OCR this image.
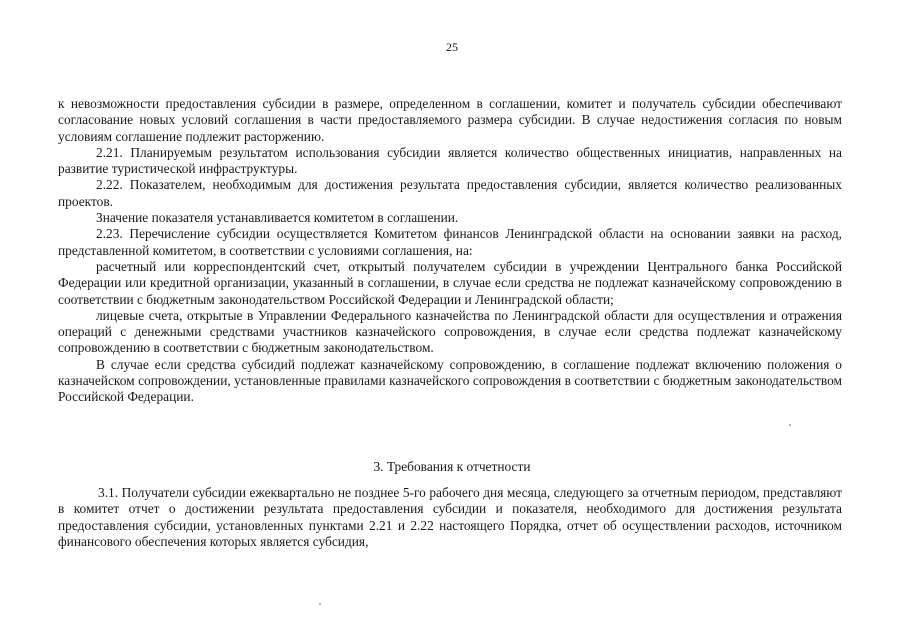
25

к невозможности предоставления субсидии в размере, определенном в соглашении, комитет и получатель субсидии обеспечивают согласование новых условий соглашения в части предоставляемого размера субсидии. В случае недостижения согласия по новым условиям соглашение подлежит расторжению.

2.21. Планируемым результатом использования субсидии является количество общественных инициатив, направленных на развитие туристической инфраструктуры.

2.22. Показателем, необходимым для достижения результата предоставления субсидии, является количество реализованных проектов.

Значение показателя устанавливается комитетом в соглашении.

2.23. Перечисление субсидии осуществляется Комитетом финансов Ленинградской области на основании заявки на расход, представленной комитетом, в соответствии с условиями соглашения, на:

расчетный или корреспондентский счет, открытый получателем субсидии в учреждении Центрального банка Российской Федерации или кредитной организации, указанный в соглашении, в случае если средства не подлежат казначейскому сопровождению в соответствии с бюджетным законодательством Российской Федерации и Ленинградской области;

лицевые счета, открытые в Управлении Федерального казначейства по Ленинградской области для осуществления и отражения операций с денежными средствами участников казначейского сопровождения, в случае если средства подлежат казначейскому сопровождению в соответствии с бюджетным законодательством.

В случае если средства субсидий подлежат казначейскому сопровождению, в соглашение подлежат включению положения о казначейском сопровождении, установленные правилами казначейского сопровождения в соответствии с бюджетным законодательством Российской Федерации.

3. Требования к отчетности

3.1. Получатели субсидии ежеквартально не позднее 5-го рабочего дня месяца, следующего за отчетным периодом, представляют в комитет отчет о достижении результата предоставления субсидии и показателя, необходимого для достижения результата предоставления субсидии, установленных пунктами 2.21 и 2.22 настоящего Порядка, отчет об осуществлении расходов, источником финансового обеспечения которых является субсидия,
